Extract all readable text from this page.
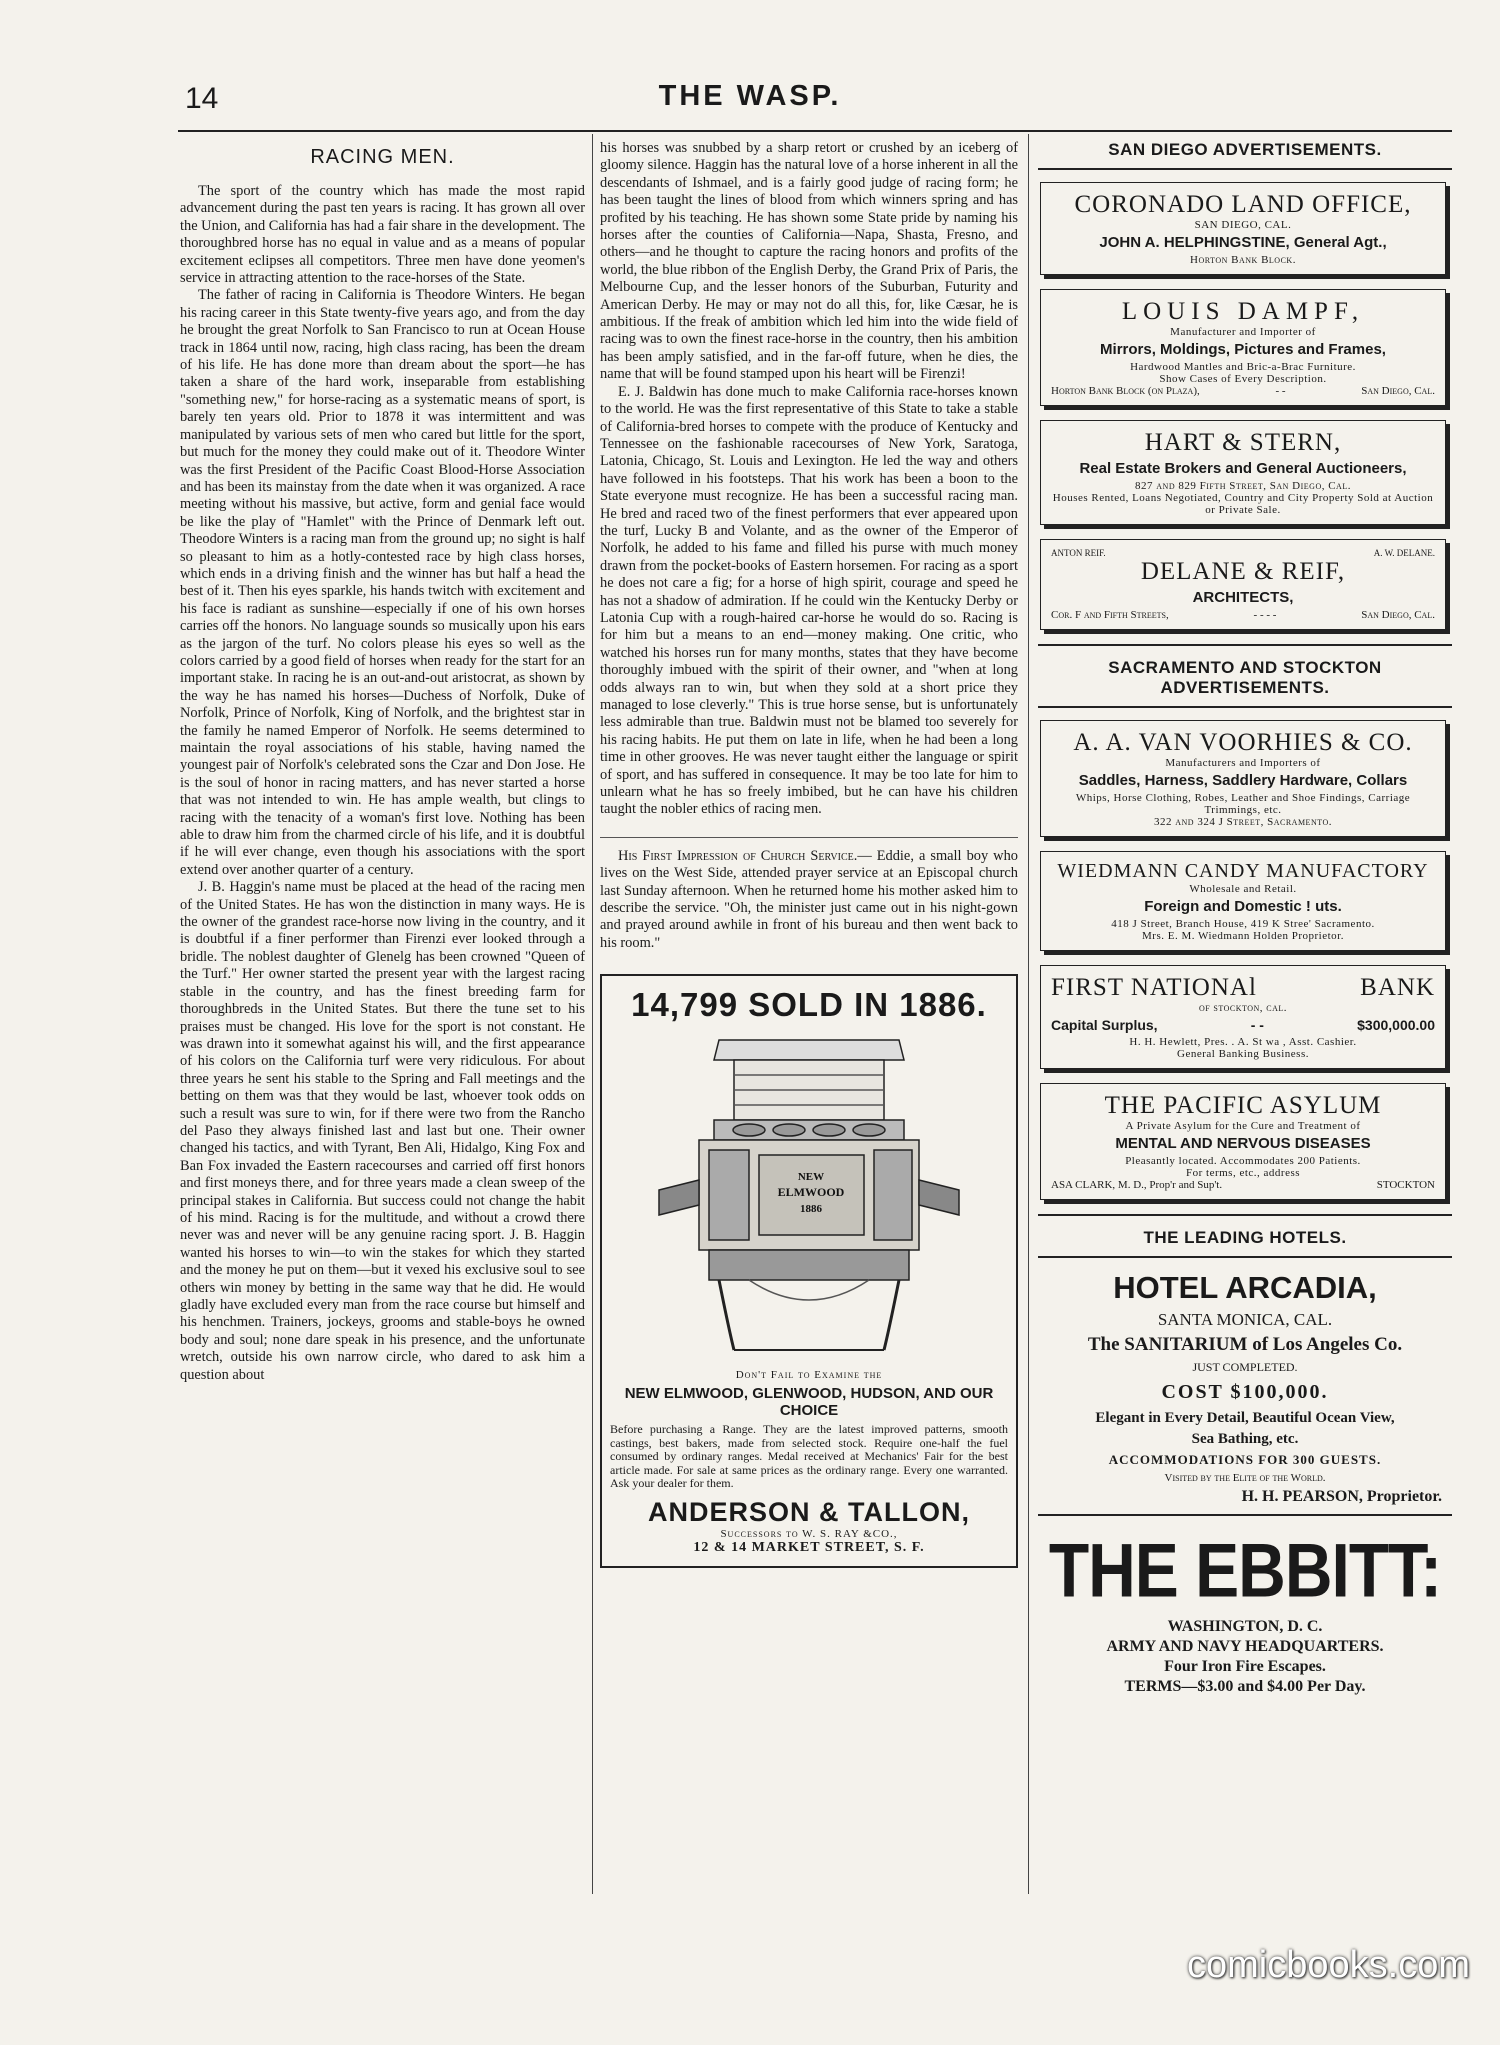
14	THE WASP.
RACING MEN.

The sport of the country which has made the most rapid advancement during the past ten years is racing. It has grown all over the Union, and California has had a fair share in the development. The thoroughbred horse has no equal in value and as a means of popular excitement eclipses all competitors. Three men have done yeomen's service in attracting attention to the race-horses of the State.

The father of racing in California is Theodore Winters. He began his racing career in this State twenty-five years ago, and from the day he brought the great Norfolk to San Francisco to run at Ocean House track in 1864 until now, racing, high class racing, has been the dream of his life. He has done more than dream about the sport—he has taken a share of the hard work, inseparable from establishing "something new," for horse-racing as a systematic means of sport, is barely ten years old. Prior to 1878 it was intermittent and was manipulated by various sets of men who cared but little for the sport, but much for the money they could make out of it. Theodore Winter was the first President of the Pacific Coast Blood-Horse Association and has been its mainstay from the date when it was organized. A race meeting without his massive, but active, form and genial face would be like the play of "Hamlet" with the Prince of Denmark left out. Theodore Winters is a racing man from the ground up; no sight is half so pleasant to him as a hotly-contested race by high class horses, which ends in a driving finish and the winner has but half a head the best of it. Then his eyes sparkle, his hands twitch with excitement and his face is radiant as sunshine—especially if one of his own horses carries off the honors. No language sounds so musically upon his ears as the jargon of the turf. No colors please his eyes so well as the colors carried by a good field of horses when ready for the start for an important stake. In racing he is an out-and-out aristocrat, as shown by the way he has named his horses—Duchess of Norfolk, Duke of Norfolk, Prince of Norfolk, King of Norfolk, and the brightest star in the family he named Emperor of Norfolk. He seems determined to maintain the royal associations of his stable, having named the youngest pair of Norfolk's celebrated sons the Czar and Don Jose. He is the soul of honor in racing matters, and has never started a horse that was not intended to win. He has ample wealth, but clings to racing with the tenacity of a woman's first love. Nothing has been able to draw him from the charmed circle of his life, and it is doubtful if he will ever change, even though his associations with the sport extend over another quarter of a century.

J. B. Haggin's name must be placed at the head of the racing men of the United States. He has won the distinction in many ways. He is the owner of the grandest race-horse now living in the country, and it is doubtful if a finer performer than Firenzi ever looked through a bridle. The noblest daughter of Glenelg has been crowned "Queen of the Turf." Her owner started the present year with the largest racing stable in the country, and has the finest breeding farm for thoroughbreds in the United States. But there the tune set to his praises must be changed. His love for the sport is not constant. He was drawn into it somewhat against his will, and the first appearance of his colors on the California turf were very ridiculous. For about three years he sent his stable to the Spring and Fall meetings and the betting on them was that they would be last, whoever took odds on such a result was sure to win, for if there were two from the Rancho del Paso they always finished last and last but one. Their owner changed his tactics, and with Tyrant, Ben Ali, Hidalgo, King Fox and Ban Fox invaded the Eastern racecourses and carried off first honors and first moneys there, and for three years made a clean sweep of the principal stakes in California. But success could not change the habit of his mind. Racing is for the multitude, and without a crowd there never was and never will be any genuine racing sport. J. B. Haggin wanted his horses to win—to win the stakes for which they started and the money he put on them—but it vexed his exclusive soul to see others win money by betting in the same way that he did. He would gladly have excluded every man from the race course but himself and his henchmen. Trainers, jockeys, grooms and stable-boys he owned body and soul; none dare speak in his presence, and the unfortunate wretch, outside his own narrow circle, who dared to ask him a question about

his horses was snubbed by a sharp retort or crushed by an iceberg of gloomy silence. Haggin has the natural love of a horse inherent in all the descendants of Ishmael, and is a fairly good judge of racing form; he has been taught the lines of blood from which winners spring and has profited by his teaching. He has shown some State pride by naming his horses after the counties of California—Napa, Shasta, Fresno, and others—and he thought to capture the racing honors and profits of the world, the blue ribbon of the English Derby, the Grand Prix of Paris, the Melbourne Cup, and the lesser honors of the Suburban, Futurity and American Derby. He may or may not do all this, for, like Cæsar, he is ambitious. If the freak of ambition which led him into the wide field of racing was to own the finest race-horse in the country, then his ambition has been amply satisfied, and in the far-off future, when he dies, the name that will be found stamped upon his heart will be Firenzi!

E. J. Baldwin has done much to make California race-horses known to the world. He was the first representative of this State to take a stable of California-bred horses to compete with the produce of Kentucky and Tennessee on the fashionable racecourses of New York, Saratoga, Latonia, Chicago, St. Louis and Lexington. He led the way and others have followed in his footsteps. That his work has been a boon to the State everyone must recognize. He has been a successful racing man. He bred and raced two of the finest performers that ever appeared upon the turf, Lucky B and Volante, and as the owner of the Emperor of Norfolk, he added to his fame and filled his purse with much money drawn from the pocket-books of Eastern horsemen. For racing as a sport he does not care a fig; for a horse of high spirit, courage and speed he has not a shadow of admiration. If he could win the Kentucky Derby or Latonia Cup with a rough-haired car-horse he would do so. Racing is for him but a means to an end—money making. One critic, who watched his horses run for many months, states that they have become thoroughly imbued with the spirit of their owner, and "when at long odds always ran to win, but when they sold at a short price they managed to lose cleverly." This is true horse sense, but is unfortunately less admirable than true. Baldwin must not be blamed too severely for his racing habits. He put them on late in life, when he had been a long time in other grooves. He was never taught either the language or spirit of sport, and has suffered in consequence. It may be too late for him to unlearn what he has so freely imbibed, but he can have his children taught the nobler ethics of racing men.

His First Impression of Church Service.— Eddie, a small boy who lives on the West Side, attended prayer service at an Episcopal church last Sunday afternoon. When he returned home his mother asked him to describe the service. "Oh, the minister just came out in his night-gown and prayed around awhile in front of his bureau and then went back to his room."

14,799 SOLD IN 1886.
NEW
ELMWOOD
1886
Don't Fail to Examine the
NEW ELMWOOD, GLENWOOD, HUDSON, AND OUR CHOICE
Before purchasing a Range. They are the latest improved patterns, smooth castings, best bakers, made from selected stock. Require one-half the fuel consumed by ordinary ranges. Medal received at Mechanics' Fair for the best article made. For sale at same prices as the ordinary range. Every one warranted. Ask your dealer for them.
ANDERSON & TALLON,
Successors to W. S. RAY &CO.,
12 & 14 MARKET STREET, S. F.
SAN DIEGO ADVERTISEMENTS.
CORONADO LAND OFFICE,
SAN DIEGO, CAL.
JOHN A. HELPHINGSTINE, General Agt.,
Horton Bank Block.
LOUIS DAMPF,
Manufacturer and Importer of
Mirrors, Moldings, Pictures and Frames,
Hardwood Mantles and Bric-a-Brac Furniture.
Show Cases of Every Description.
Horton Bank Block (on Plaza),	- -	San Diego, Cal.
HART & STERN,
Real Estate Brokers and General Auctioneers,
827 and 829 Fifth Street, San Diego, Cal.
Houses Rented, Loans Negotiated, Country and City Property Sold at Auction or Private Sale.
ANTON REIF.	A. W. DELANE.
DELANE & REIF,
ARCHITECTS,
Cor. F and Fifth Streets,	- - - -	San Diego, Cal.
SACRAMENTO AND STOCKTON ADVERTISEMENTS.
A. A. VAN VOORHIES & CO.
Manufacturers and Importers of
Saddles, Harness, Saddlery Hardware, Collars
Whips, Horse Clothing, Robes, Leather and Shoe Findings, Carriage Trimmings, etc.
322 and 324 J Street, Sacramento.
WIEDMANN CANDY MANUFACTORY
Wholesale and Retail.
Foreign and Domestic ! uts.
418 J Street, Branch House, 419 K Stree' Sacramento.
Mrs. E. M. Wiedmann Holden Proprietor.
FIRST NATIONAl	BANK
of stockton, cal.
Capital Surplus,	- -	$300,000.00
H. H. Hewlett, Pres. . A. St wa , Asst. Cashier.
General Banking Business.
THE PACIFIC ASYLUM
A Private Asylum for the Cure and Treatment of
MENTAL AND NERVOUS DISEASES
Pleasantly located. Accommodates 200 Patients.
For terms, etc., address
ASA CLARK, M. D., Prop'r and Sup't.	STOCKTON
THE LEADING HOTELS.
HOTEL ARCADIA,
SANTA MONICA, CAL.
The SANITARIUM of Los Angeles Co.
JUST COMPLETED.
COST $100,000.
Elegant in Every Detail, Beautiful Ocean View,
Sea Bathing, etc.
ACCOMMODATIONS FOR 300 GUESTS.
Visited by the Elite of the World.
H. H. PEARSON, Proprietor.
THE EBBITT:
WASHINGTON, D. C.
ARMY AND NAVY HEADQUARTERS.
Four Iron Fire Escapes.
TERMS—$3.00 and $4.00 Per Day.
comicbooks.com
